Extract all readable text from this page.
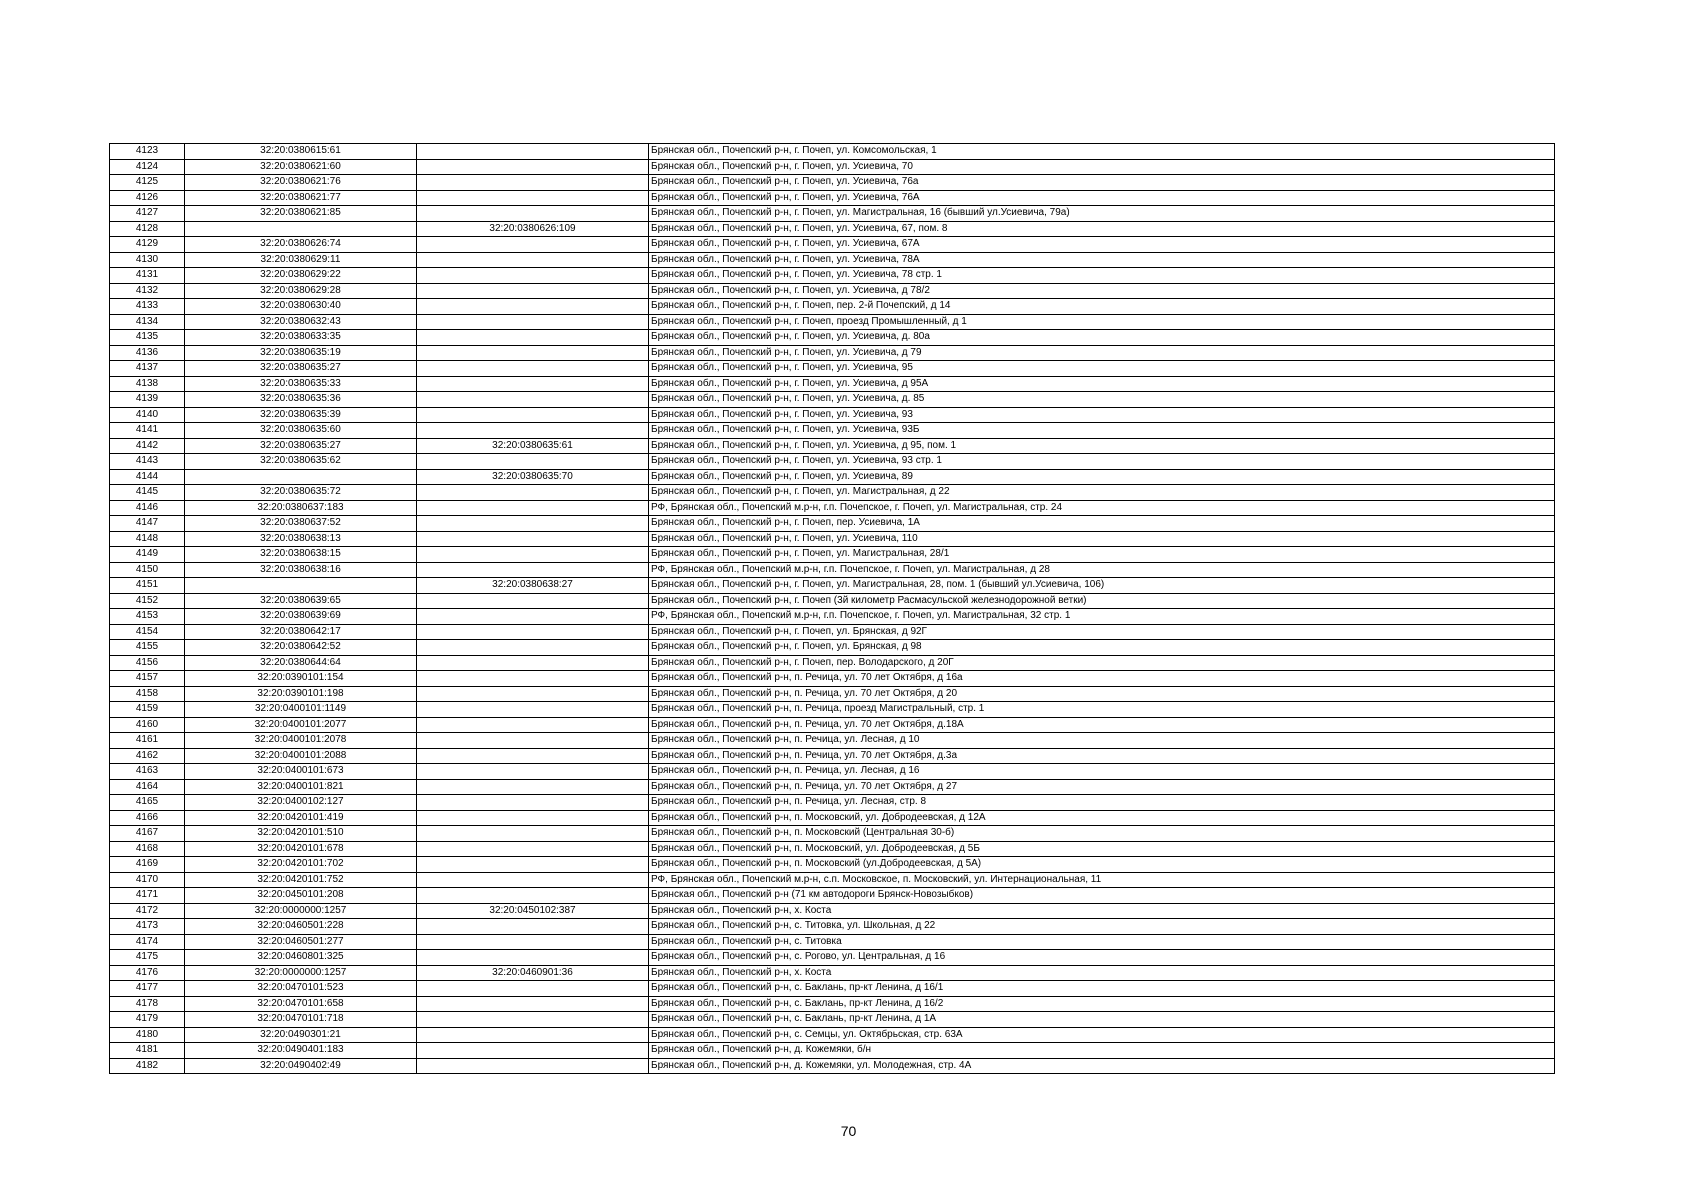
4123	32:20:0380615:61		Брянская обл., Почепский р-н, г. Почеп, ул. Комсомольская, 1
4124	32:20:0380621:60		Брянская обл., Почепский р-н, г. Почеп, ул. Усиевича, 70
4125	32:20:0380621:76		Брянская обл., Почепский р-н, г. Почеп, ул. Усиевича, 76а
4126	32:20:0380621:77		Брянская обл., Почепский р-н, г. Почеп, ул. Усиевича, 76А
4127	32:20:0380621:85		Брянская обл., Почепский р-н, г. Почеп, ул. Магистральная, 16 (бывший ул.Усиевича, 79а)
4128		32:20:0380626:109	Брянская обл., Почепский р-н, г. Почеп, ул. Усиевича, 67, пом. 8
4129	32:20:0380626:74		Брянская обл., Почепский р-н, г. Почеп, ул. Усиевича, 67А
4130	32:20:0380629:11		Брянская обл., Почепский р-н, г. Почеп, ул. Усиевича, 78А
4131	32:20:0380629:22		Брянская обл., Почепский р-н, г. Почеп, ул. Усиевича, 78 стр. 1
4132	32:20:0380629:28		Брянская обл., Почепский р-н, г. Почеп, ул. Усиевича, д 78/2
4133	32:20:0380630:40		Брянская обл., Почепский р-н, г. Почеп, пер. 2-й Почепский, д 14
4134	32:20:0380632:43		Брянская обл., Почепский р-н, г. Почеп, проезд Промышленный, д 1
4135	32:20:0380633:35		Брянская обл., Почепский р-н, г. Почеп, ул. Усиевича, д. 80а
4136	32:20:0380635:19		Брянская обл., Почепский р-н, г. Почеп, ул. Усиевича, д 79
4137	32:20:0380635:27		Брянская обл., Почепский р-н, г. Почеп, ул. Усиевича, 95
4138	32:20:0380635:33		Брянская обл., Почепский р-н, г. Почеп, ул. Усиевича, д 95А
4139	32:20:0380635:36		Брянская обл., Почепский р-н, г. Почеп, ул. Усиевича, д. 85
4140	32:20:0380635:39		Брянская обл., Почепский р-н, г. Почеп, ул. Усиевича, 93
4141	32:20:0380635:60		Брянская обл., Почепский р-н, г. Почеп, ул. Усиевича, 93Б
4142	32:20:0380635:27	32:20:0380635:61	Брянская обл., Почепский р-н, г. Почеп, ул. Усиевича, д 95, пом. 1
4143	32:20:0380635:62		Брянская обл., Почепский р-н, г. Почеп, ул. Усиевича, 93 стр. 1
4144		32:20:0380635:70	Брянская обл., Почепский р-н, г. Почеп, ул. Усиевича, 89
4145	32:20:0380635:72		Брянская обл., Почепский р-н, г. Почеп, ул. Магистральная, д 22
4146	32:20:0380637:183		РФ, Брянская обл., Почепский м.р-н, г.п. Почепское, г. Почеп, ул. Магистральная, стр. 24
4147	32:20:0380637:52		Брянская обл., Почепский р-н, г. Почеп, пер. Усиевича, 1А
4148	32:20:0380638:13		Брянская обл., Почепский р-н, г. Почеп, ул. Усиевича, 110
4149	32:20:0380638:15		Брянская обл., Почепский р-н, г. Почеп, ул. Магистральная, 28/1
4150	32:20:0380638:16		РФ, Брянская обл., Почепский м.р-н, г.п. Почепское, г. Почеп, ул. Магистральная, д 28
4151		32:20:0380638:27	Брянская обл., Почепский р-н, г. Почеп, ул. Магистральная, 28, пом. 1 (бывший ул.Усиевича, 106)
4152	32:20:0380639:65		Брянская обл., Почепский р-н, г. Почеп (3й километр Расмасульской железнодорожной ветки)
4153	32:20:0380639:69		РФ, Брянская обл., Почепский м.р-н, г.п. Почепское, г. Почеп, ул. Магистральная, 32 стр. 1
4154	32:20:0380642:17		Брянская обл., Почепский р-н, г. Почеп, ул. Брянская, д 92Г
4155	32:20:0380642:52		Брянская обл., Почепский р-н, г. Почеп, ул. Брянская, д 98
4156	32:20:0380644:64		Брянская обл., Почепский р-н, г. Почеп, пер. Володарского, д 20Г
4157	32:20:0390101:154		Брянская обл., Почепский р-н, п. Речица, ул. 70 лет Октября, д 16а
4158	32:20:0390101:198		Брянская обл., Почепский р-н, п. Речица, ул. 70 лет Октября, д 20
4159	32:20:0400101:1149		Брянская обл., Почепский р-н, п. Речица, проезд Магистральный, стр. 1
4160	32:20:0400101:2077		Брянская обл., Почепский р-н, п. Речица, ул. 70 лет Октября, д.18А
4161	32:20:0400101:2078		Брянская обл., Почепский р-н, п. Речица, ул. Лесная, д 10
4162	32:20:0400101:2088		Брянская обл., Почепский р-н, п. Речица, ул. 70 лет Октября, д.3а
4163	32:20:0400101:673		Брянская обл., Почепский р-н, п. Речица, ул. Лесная, д 16
4164	32:20:0400101:821		Брянская обл., Почепский р-н, п. Речица, ул. 70 лет Октября, д 27
4165	32:20:0400102:127		Брянская обл., Почепский р-н, п. Речица, ул. Лесная, стр. 8
4166	32:20:0420101:419		Брянская обл., Почепский р-н, п. Московский, ул. Добродеевская, д 12А
4167	32:20:0420101:510		Брянская обл., Почепский р-н, п. Московский (Центральная 30-б)
4168	32:20:0420101:678		Брянская обл., Почепский р-н, п. Московский, ул. Добродеевская, д 5Б
4169	32:20:0420101:702		Брянская обл., Почепский р-н, п. Московский (ул.Добродеевская, д 5А)
4170	32:20:0420101:752		РФ, Брянская обл., Почепский м.р-н, с.п. Московское, п. Московский, ул. Интернациональная, 11
4171	32:20:0450101:208		Брянская обл., Почепский р-н (71 км автодороги Брянск-Новозыбков)
4172	32:20:0000000:1257	32:20:0450102:387	Брянская обл., Почепский р-н, х. Коста
4173	32:20:0460501:228		Брянская обл., Почепский р-н, с. Титовка, ул. Школьная, д 22
4174	32:20:0460501:277		Брянская обл., Почепский р-н, с. Титовка
4175	32:20:0460801:325		Брянская обл., Почепский р-н, с. Рогово, ул. Центральная, д 16
4176	32:20:0000000:1257	32:20:0460901:36	Брянская обл., Почепский р-н, х. Коста
4177	32:20:0470101:523		Брянская обл., Почепский р-н, с. Баклань, пр-кт Ленина, д 16/1
4178	32:20:0470101:658		Брянская обл., Почепский р-н, с. Баклань, пр-кт Ленина, д 16/2
4179	32:20:0470101:718		Брянская обл., Почепский р-н, с. Баклань, пр-кт Ленина, д 1А
4180	32:20:0490301:21		Брянская обл., Почепский р-н, с. Семцы, ул. Октябрьская, стр. 63А
4181	32:20:0490401:183		Брянская обл., Почепский р-н, д. Кожемяки, б/н
4182	32:20:0490402:49		Брянская обл., Почепский р-н, д. Кожемяки, ул. Молодежная, стр. 4А
70
